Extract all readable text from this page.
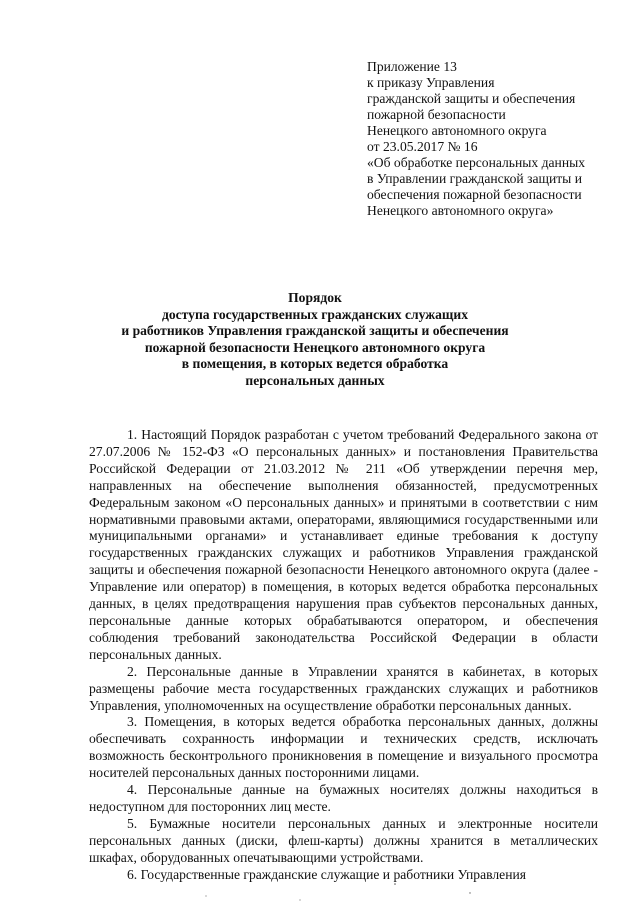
Приложение 13
к приказу Управления
гражданской защиты и обеспечения
пожарной безопасности
Ненецкого автономного округа
от 23.05.2017 № 16
«Об обработке персональных данных
в Управлении гражданской защиты и
обеспечения пожарной безопасности
Ненецкого автономного округа»
Порядок
доступа государственных гражданских служащих
и работников Управления гражданской защиты и обеспечения
пожарной безопасности Ненецкого автономного округа
в помещения, в которых ведется обработка
персональных данных

1. Настоящий Порядок разработан с учетом требований Федерального закона от 27.07.2006 № 152-ФЗ «О персональных данных» и постановления Правительства Российской Федерации от 21.03.2012 № 211 «Об утверждении перечня мер, направленных на обеспечение выполнения обязанностей, предусмотренных Федеральным законом «О персональных данных» и принятыми в соответствии с ним нормативными правовыми актами, операторами, являющимися государственными или муниципальными органами» и устанавливает единые требования к доступу государственных гражданских служащих и работников Управления гражданской защиты и обеспечения пожарной безопасности Ненецкого автономного округа (далее - Управление или оператор) в помещения, в которых ведется обработка персональных данных, в целях предотвращения нарушения прав субъектов персональных данных, персональные данные которых обрабатываются оператором, и обеспечения соблюдения требований законодательства Российской Федерации в области персональных данных.

2. Персональные данные в Управлении хранятся в кабинетах, в которых размещены рабочие места государственных гражданских служащих и работников Управления, уполномоченных на осуществление обработки персональных данных.

3. Помещения, в которых ведется обработка персональных данных, должны обеспечивать сохранность информации и технических средств, исключать возможность бесконтрольного проникновения в помещение и визуального просмотра носителей персональных данных посторонними лицами.

4. Персональные данные на бумажных носителях должны находиться в недоступном для посторонних лиц месте.

5. Бумажные носители персональных данных и электронные носители персональных данных (диски, флеш-карты) должны хранится в металлических шкафах, оборудованных опечатывающими устройствами.

6. Государственные гражданские служащие и работники Управления
